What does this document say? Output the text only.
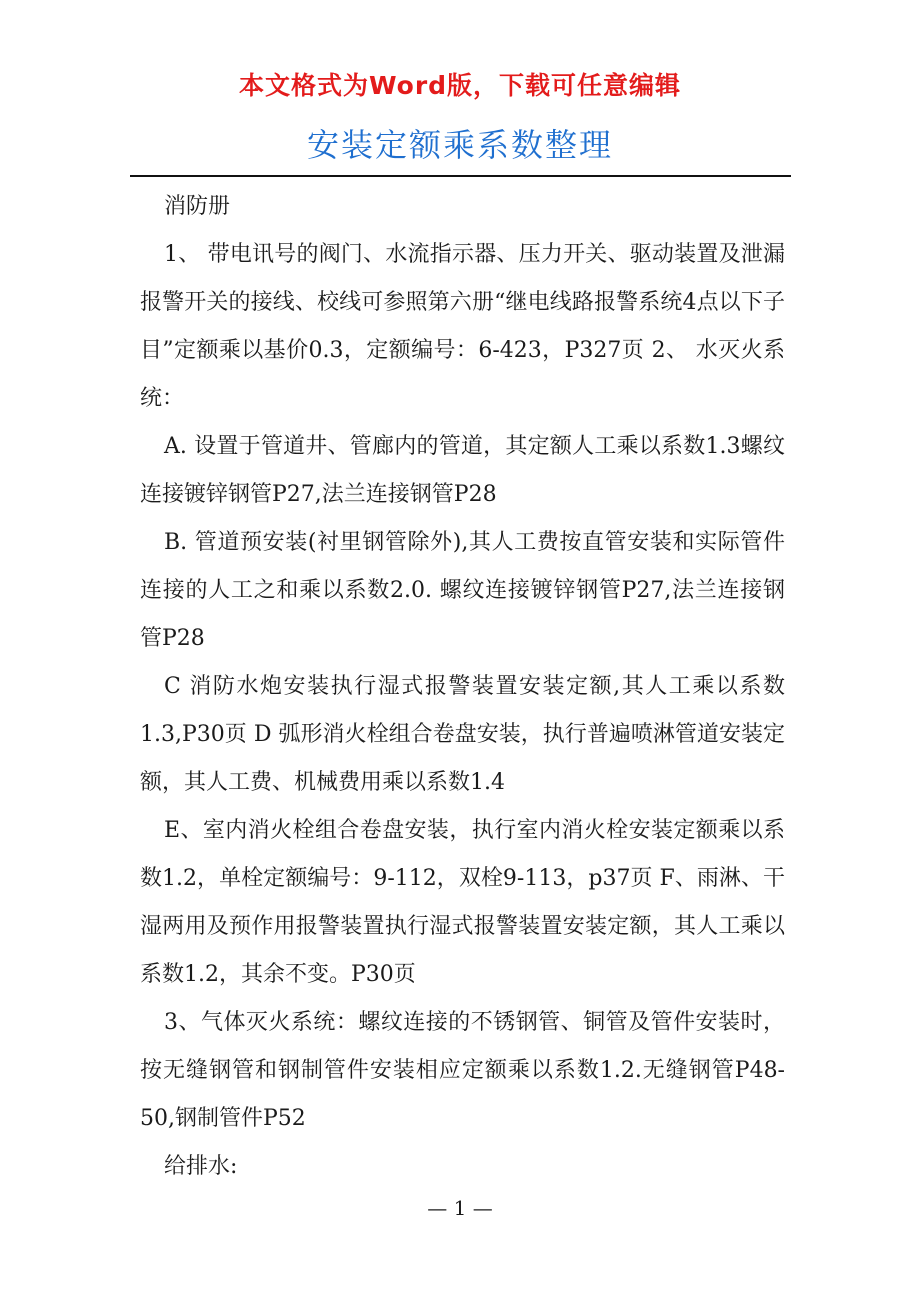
本文格式为Word版，下载可任意编辑
安装定额乘系数整理

消防册

1、 带电讯号的阀门、水流指示器、压力开关、驱动装置及泄漏报警开关的接线、校线可参照第六册“继电线路报警系统4点以下子目”定额乘以基价0.3，定额编号：6-423，P327页 2、 水灭火系统：

A. 设置于管道井、管廊内的管道，其定额人工乘以系数1.3螺纹连接镀锌钢管P27,法兰连接钢管P28

B. 管道预安装(衬里钢管除外),其人工费按直管安装和实际管件连接的人工之和乘以系数2.0. 螺纹连接镀锌钢管P27,法兰连接钢管P28

C 消防水炮安装执行湿式报警装置安装定额,其人工乘以系数1.3,P30页 D 弧形消火栓组合卷盘安装，执行普遍喷淋管道安装定额，其人工费、机械费用乘以系数1.4

E、室内消火栓组合卷盘安装，执行室内消火栓安装定额乘以系数1.2，单栓定额编号：9-112，双栓9-113，p37页 F、雨淋、干湿两用及预作用报警装置执行湿式报警装置安装定额，其人工乘以系数1.2，其余不变。P30页

3、气体灭火系统：螺纹连接的不锈钢管、铜管及管件安装时，按无缝钢管和钢制管件安装相应定额乘以系数1.2.无缝钢管P48-50,钢制管件P52

给排水:

— 1 —
